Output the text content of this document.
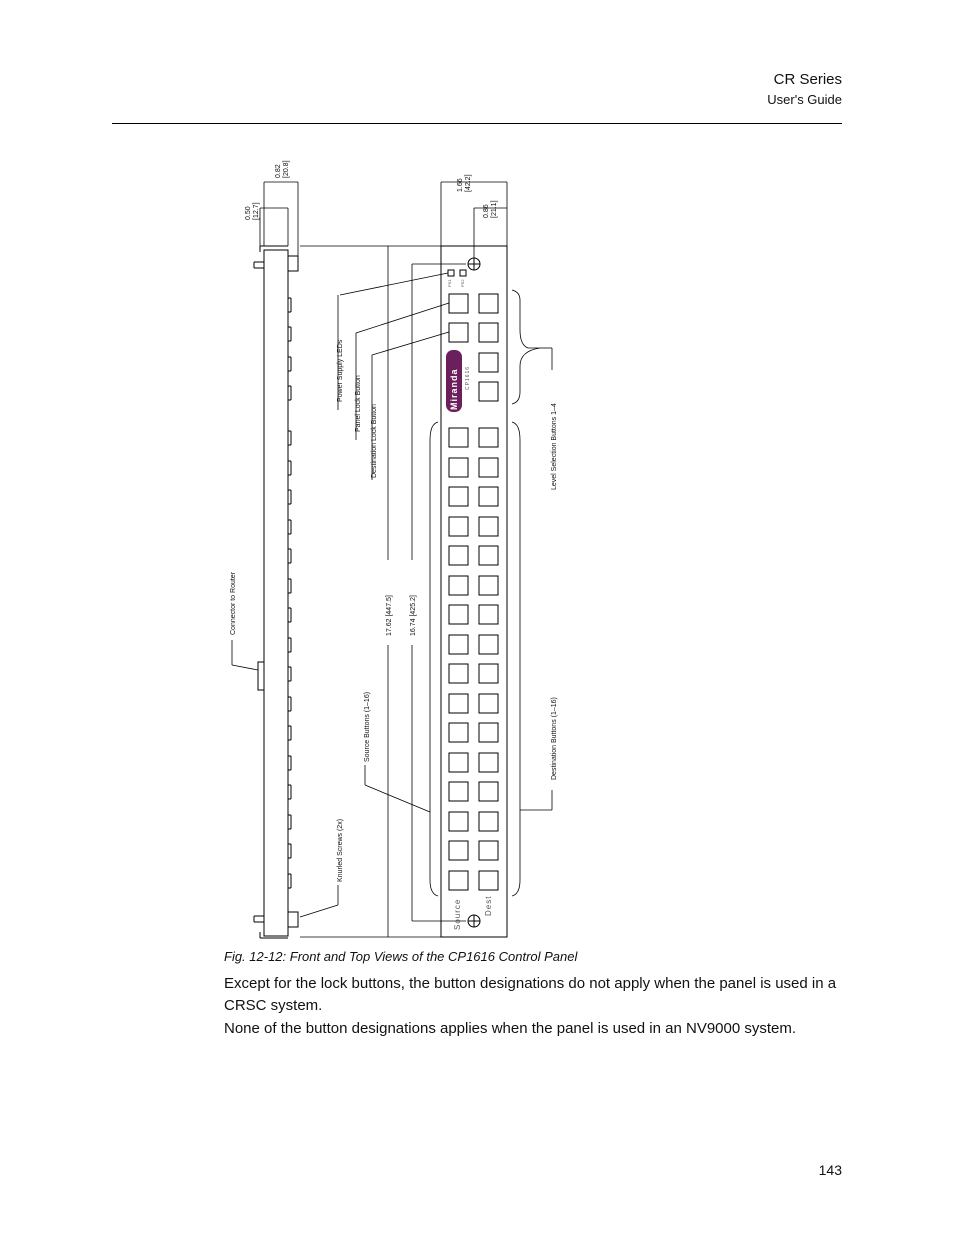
CR Series
User's Guide
Miranda CP1616
PS1 PS2
Source	Dest
0.50 [12.7]
0.82 [20.8]
1.66 [42.2]
0.86 [21.1]
17.62 [447.5] 16.74 [425.2]
Power Supply LEDs
Panel Lock Button
Destination Lock Button
Connector to Router
Source Buttons (1–16)
Knurled Screws (2x)
Level Selection Buttons 1–4
Destination Buttons (1–16)
Fig. 12-12: Front and Top Views of the CP1616 Control Panel
Except for the lock buttons, the button designations do not apply when the panel is used in a CRSC system.
None of the button designations applies when the panel is used in an NV9000 system.
143
